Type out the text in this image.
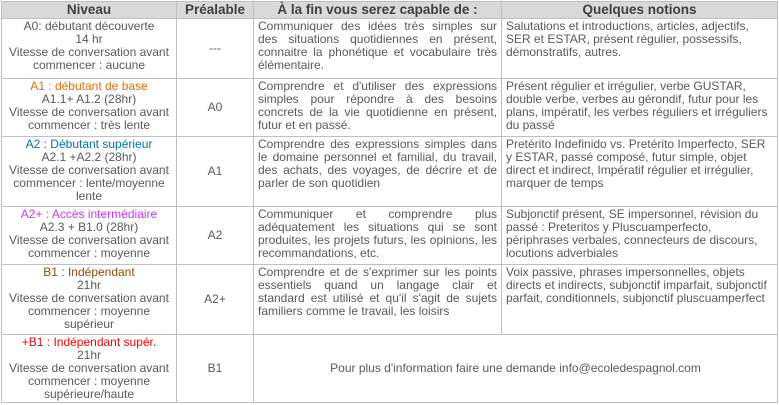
Niveau	Préalable	À la fin vous serez capable de :	Quelques notions

A0: débutant découverte
14 hr
Vitesse de conversation avant commencer : aucune	---	Communiquer des idées très simples sur des situations quotidiennes en présent, connaitre la phonétique et vocabulaire très élémentaire.	Salutations et introductions, articles, adjectifs, SER et ESTAR, présent régulier, possessifs, démonstratifs, autres.

A1 : débutant de base
A1.1+ A1.2 (28hr)
Vitesse de conversation avant commencer : très lente	A0	Comprendre et d'utiliser des expressions simples pour répondre à des besoins concrets de la vie quotidienne en présent, futur et en passé.	Présent régulier et irrégulier, verbe GUSTAR, double verbe, verbes au gérondif, futur pour les plans, impératif, les verbes réguliers et irréguliers du passé

A2 : Débutant supérieur
A2.1 +A2.2 (28hr)
Vitesse de conversation avant commencer : lente/moyenne lente	A1	Comprendre des expressions simples dans le domaine personnel et familial, du travail, des achats, des voyages, de décrire et de parler de son quotidien	Pretérito Indefinido vs. Pretérito Imperfecto, SER y ESTAR, passé composé, futur simple, objet direct et indirect, Impératif régulier et irrégulier, marquer de temps

A2+ : Accès intermédiaire
A2.3 + B1.0 (28hr)
Vitesse de conversation avant commencer : moyenne	A2	Communiquer et comprendre plus adéquatement les situations qui se sont produites, les projets futurs, les opinions, les recommandations, etc.	Subjonctif présent, SE impersonnel, révision du passé : Preteritos y Pluscuamperfecto, périphrases verbales, connecteurs de discours, locutions adverbiales

B1 : Indépendant
21hr
Vitesse de conversation avant commencer : moyenne supérieur	A2+	Comprendre et de s'exprimer sur les points essentiels quand un langage clair et standard est utilisé et qu'il s'agit de sujets familiers comme le travail, les loisirs	Voix passive, phrases impersonnelles, objets directs et indirects, subjonctif imparfait, subjonctif parfait, conditionnels, subjonctif pluscuamperfect

+B1 : Indépendant supér.
21hr
Vitesse de conversation avant commencer : moyenne supérieure/haute	B1	Pour plus d'information faire une demande info@ecoledespagnol.com	
